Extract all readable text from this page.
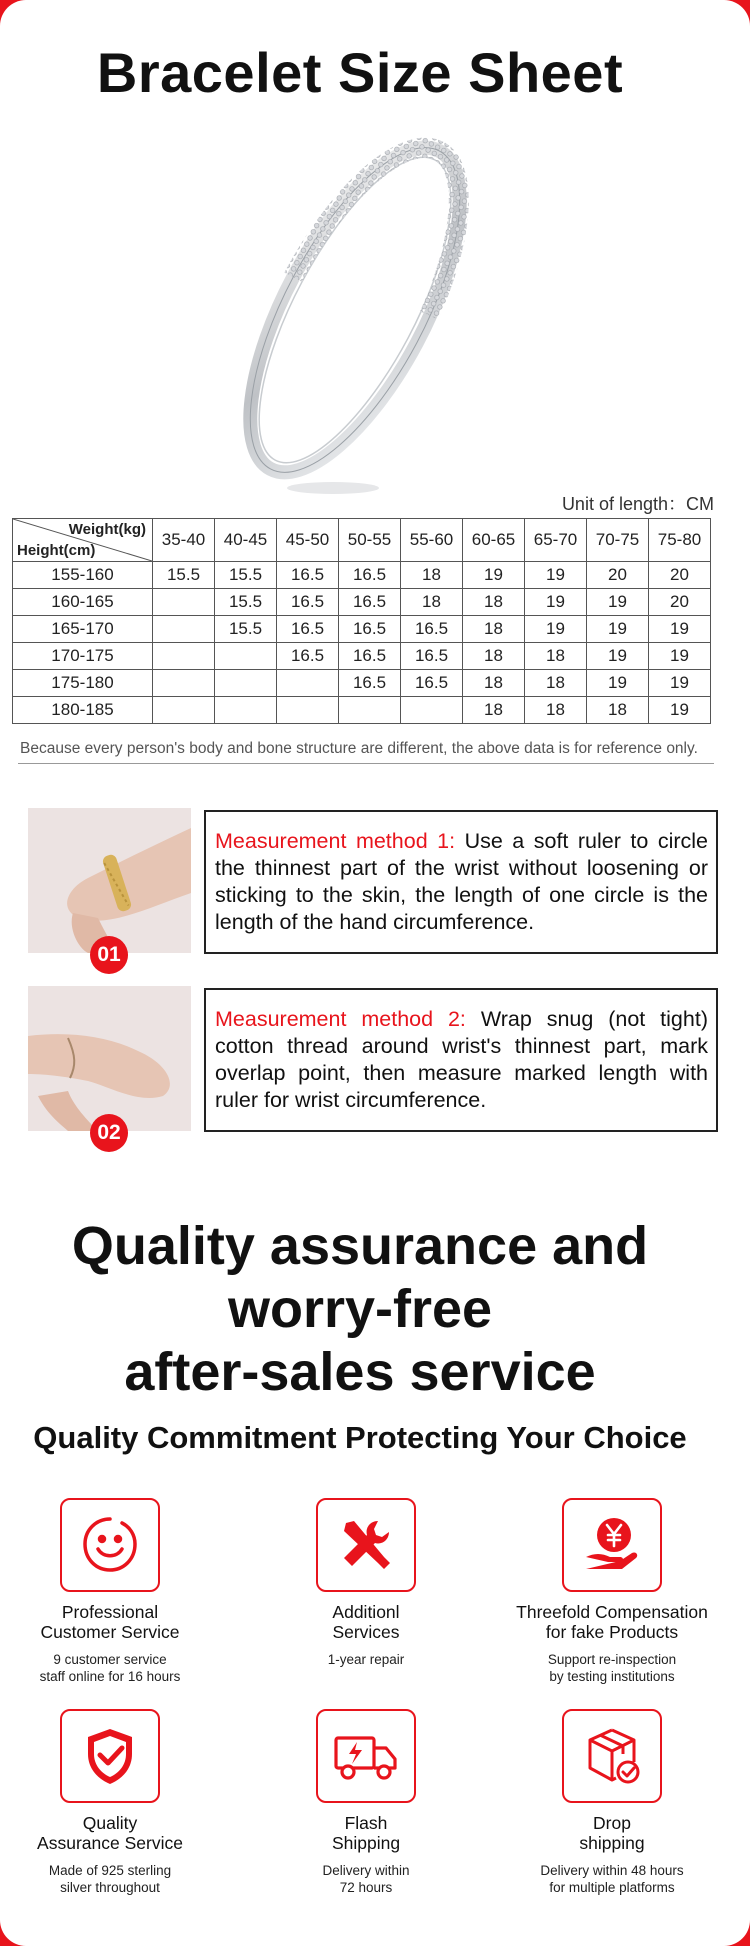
Bracelet Size Sheet
Unit of length：CM
Weight(kg)
Height(cm)	35-40	40-45	45-50	50-55	55-60	60-65	65-70	70-75	75-80
155-160	15.5	15.5	16.5	16.5	18	19	19	20	20
160-165		15.5	16.5	16.5	18	18	19	19	20
165-170		15.5	16.5	16.5	16.5	18	19	19	19
170-175			16.5	16.5	16.5	18	18	19	19
175-180				16.5	16.5	18	18	19	19
180-185						18	18	18	19
Because every person's body and bone structure are different, the above data is for reference only.
01
Measurement method 1: Use a soft ruler to circle the thinnest part of the wrist without loosening or sticking to the skin, the length of one circle is the length of the hand circumference.
02
Measurement method 2: Wrap snug (not tight) cotton thread around wrist's thinnest part, mark overlap point, then measure marked length with ruler for wrist circumference.
Quality assurance and
worry-free
after-sales service
Quality Commitment Protecting Your Choice
Professional
Customer Service
9 customer service
staff online for 16 hours
Additionl
Services
1-year repair
Threefold Compensation
for fake Products
Support re-inspection
by testing institutions
Quality
Assurance Service
Made of 925 sterling
silver throughout
Flash
Shipping
Delivery within
72 hours
Drop
shipping
Delivery within 48 hours
for multiple platforms
